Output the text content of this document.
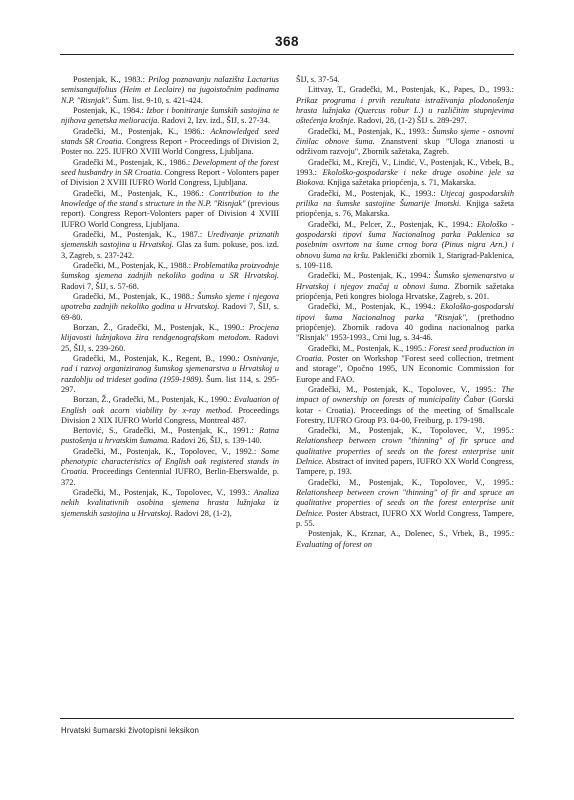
368

Postenjak, K., 1983.: Prilog poznavanju nalazišta Lactarius semisanguifolius (Heim et Leclaire) na jugoistočnim padinama N.P. "Risnjak". Šum. list. 9-10, s. 421-424.

Postenjak, K., 1984.: Izbor i bonitiranje šumskih sastojina te njihova genetska melioracija. Radovi 2, Izv. izd., ŠIJ, s. 27-34.

Gradečki, M., Postenjak, K., 1986.: Acknowledged seed stands SR Croatia. Congress Report - Proceedings of Division 2, Poster no. 225. IUFRO XVIII World Congress, Ljubljana.

Gradečki M., Postenjak, K., 1986.: Development of the forest seed husbandry in SR Croatia. Congress Report - Volonters paper of Division 2 XVIII IUFRO World Congress, Ljubljana.

Gradečki, M., Postenjak, K., 1986.: Contribution to the knowledge of the stand s structure in the N.P. "Risnjak" (previous report). Congress Report-Volonters paper of Division 4 XVIII IUFRO World Congress, Ljubljana.

Gradečki, M., Postenjak, K., 1987.: Uređivanje priznatih sjemenskih sastojina u Hrvatskoj. Glas za šum. pokuse, pos. izd. 3, Zagreb, s. 237-242.

Gradečki, M., Postenjak, K., 1988.: Problematika proizvodnje šumskog sjemena zadnjih nekoliko godina u SR Hrvatskoj. Radovi 7, ŠIJ, s. 57-68.

Gradečki, M., Postenjak, K., 1988.: Šumsko sjeme i njegova upotreba zadnjih nekoliko godina u Hrvatskoj. Radovi 7, ŠIJ, s. 69-80.

Borzan, Ž., Gradečki, M., Postenjak, K., 1990.: Procjena klijavosti lužnjakova žira rendgenografskom metodom. Radovi 25, ŠIJ, s. 239-260.

Gradečki, M., Postenjak, K., Regent, B., 1990.: Osnivanje, rad i razvoj organiziranog šumskog sjemenarstva u Hrvatskoj u razdoblju od trideset godina (1959-1989). Šum. list 114, s. 295-297.

Borzan, Ž., Gradečki, M., Postenjak, K., 1990.: Evaluation of English oak acorn viability by x-ray method. Proceedings Division 2 XIX IUFRO World Congress, Montreal 487.

Bertović, S., Gradečki, M., Postenjak, K., 1991.: Ratna pustošenja u hrvatskim šumama. Radovi 26, ŠIJ, s. 139-140.

Gradečki, M., Postenjak, K., Topolovec, V., 1992.: Some phenotypic characteristics of English oak registered stands in Croatia. Proceedings Centennial IUFRO, Berlin-Eberswalde, p. 372.

Gradečki, M., Postenjak, K., Topolovec, V., 1993.: Analiza nekih kvalitativnih osobina sjemena hrasta lužnjaka iz sjemenskih sastojina u Hrvatskoj. Radovi 28, (1-2),

ŠIJ, s. 37-54.

Littvay, T., Gradečki, M., Postenjak, K., Papes, D., 1993.: Prikaz programa i prvih rezultata istraživanja plodonošenja hrasta lužnjaka (Quercus robur L.) u različitim stupnjevima oštećenja krošnje. Radovi, 28, (1-2) ŠIJ s. 289-297.

Gradečki, M., Postenjak, K., 1993.: Šumsko sjeme - osnovni činilac obnove šuma. Znanstveni skup "Uloga znanosti u održivom razvoju", Zbornik sažetaka, Zagreb.

Gradečki, M., Krejči, V., Lindić, V., Postenjak, K., Vrbek, B., 1993.: Ekološko-gospodarske i neke druge osobine jele sa Biokova. Knjiga sažetaka priopćenja, s. 71, Makarska.

Gradečki, M., Postenjak, K., 1993.: Utjecaj gospodarskih prilika na šumske sastojine Šumarije Imotski. Knjiga sažeta priopćenja, s. 76, Makarska.

Gradečki, M., Pelcer, Z., Postenjak, K., 1994.: Ekološko - gospodarski tipovi šuma Nacionalnog parka Paklenica sa posebnim osvrtom na šume crnog bora (Pinus nigra Arn.) i obnovu šuma na kršu. Paklenički zbornik 1, Starigrad-Paklenica, s. 109-118.

Gradečki, M., Postenjak, K., 1994.: Šumsko sjemenarstvo u Hrvatskoj i njegov značaj u obnovi šuma. Zbornik sažetaka priopćenja, Peti kongres biologa Hrvatske, Zagreb, s. 201.

Gradečki, M., Postenjak, K., 1994.: Ekološko-gospodarski tipovi šuma Nacionalnog parka "Risnjak", (prethodno priopćenje). Zbornik radova 40 godina nacionalnog parka "Risnjak" 1953-1993., Crni lug, s. 34-46.

Gradečki, M., Postenjak, K., 1995.: Forest seed production in Croatia. Poster on Workshop "Forest seed collection, tretment and storage", Opočno 1995, UN Economic Commission for Europe and FAO.

Gradečki, M., Postenjak, K., Topolovec, V., 1995.: The impact of ownership on forests of municipality Čabar (Gorski kotar - Croatia). Proceedings of the meeting of Smallscale Forestry, IUFRO Group P3. 04-00, Freiburg, p. 179-198.

Gradečki, M., Postenjak, K., Topolovec, V., 1995.: Relationsheep between crown "thinning" of fir spruce and qualitative properties of seeds on the forest enterprise unit Delnice. Abstract of invited papers, IUFRO XX World Congress, Tampere, p. 193.

Gradečki, M., Postenjak, K., Topolovec, V., 1995.: Relationsheep between crown "thinning" of fir and spruce an qualitative properties of seeds on the forest enterprise unit Delnice. Poster Abstract, IUFRO XX World Congress, Tampere, p. 55.

Postenjak, K., Krznar, A., Dolenec, S., Vrbek, B., 1995.: Evaluating of forest on

Hrvatski šumarski životopisni leksikon
